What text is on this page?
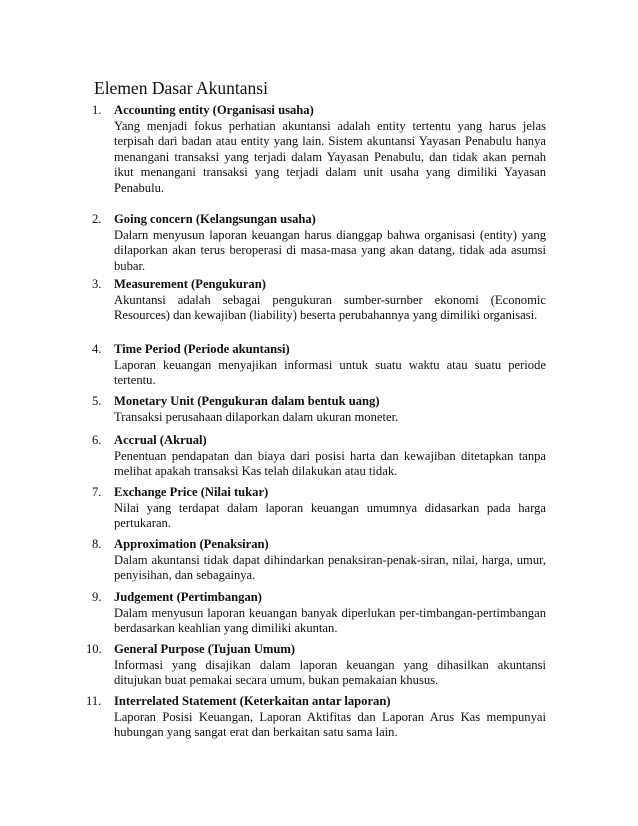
Elemen Dasar Akuntansi
1. Accounting entity (Organisasi usaha)
Yang menjadi fokus perhatian akuntansi adalah entity tertentu yang harus jelas terpisah dari badan atau entity yang lain. Sistem akuntansi Yayasan Penabulu hanya menangani transaksi yang terjadi dalam Yayasan Penabulu, dan tidak akan pernah ikut menangani transaksi yang terjadi dalam unit usaha yang dimiliki Yayasan Penabulu.
2. Going concern (Kelangsungan usaha)
Dalarn menyusun laporan keuangan harus dianggap bahwa organisasi (entity) yang dilaporkan akan terus beroperasi di masa-masa yang akan datang, tidak ada asumsi bubar.
3. Measurement (Pengukuran)
Akuntansi adalah sebagai pengukuran sumber-surnber ekonomi (Economic Resources) dan kewajiban (liability) beserta perubahannya yang dimiliki organisasi.
4. Time Period (Periode akuntansi)
Laporan keuangan menyajikan informasi untuk suatu waktu atau suatu periode tertentu.
5. Monetary Unit (Pengukuran dalam bentuk uang)
Transaksi perusahaan dilaporkan dalam ukuran moneter.
6. Accrual (Akrual)
Penentuan pendapatan dan biaya dari posisi harta dan kewajiban ditetapkan tanpa melihat apakah transaksi Kas telah dilakukan atau tidak.
7. Exchange Price (Nilai tukar)
Nilai yang terdapat dalam laporan keuangan umumnya didasarkan pada harga pertukaran.
8. Approximation (Penaksiran)
Dalam akuntansi tidak dapat dihindarkan penaksiran-penak-siran, nilai, harga, umur, penyisihan, dan sebagainya.
9. Judgement (Pertimbangan)
Dalam menyusun laporan keuangan banyak diperlukan per-timbangan-pertimbangan berdasarkan keahlian yang dimiliki akuntan.
10. General Purpose (Tujuan Umum)
Informasi yang disajikan dalam laporan keuangan yang dihasilkan akuntansi ditujukan buat pemakai secara umum, bukan pemakaian khusus.
11.	Interrelated Statement (Keterkaitan antar laporan)
Laporan Posisi Keuangan, Laporan Aktifitas dan Laporan Arus Kas mempunyai hubungan yang sangat erat dan berkaitan satu sama lain.
